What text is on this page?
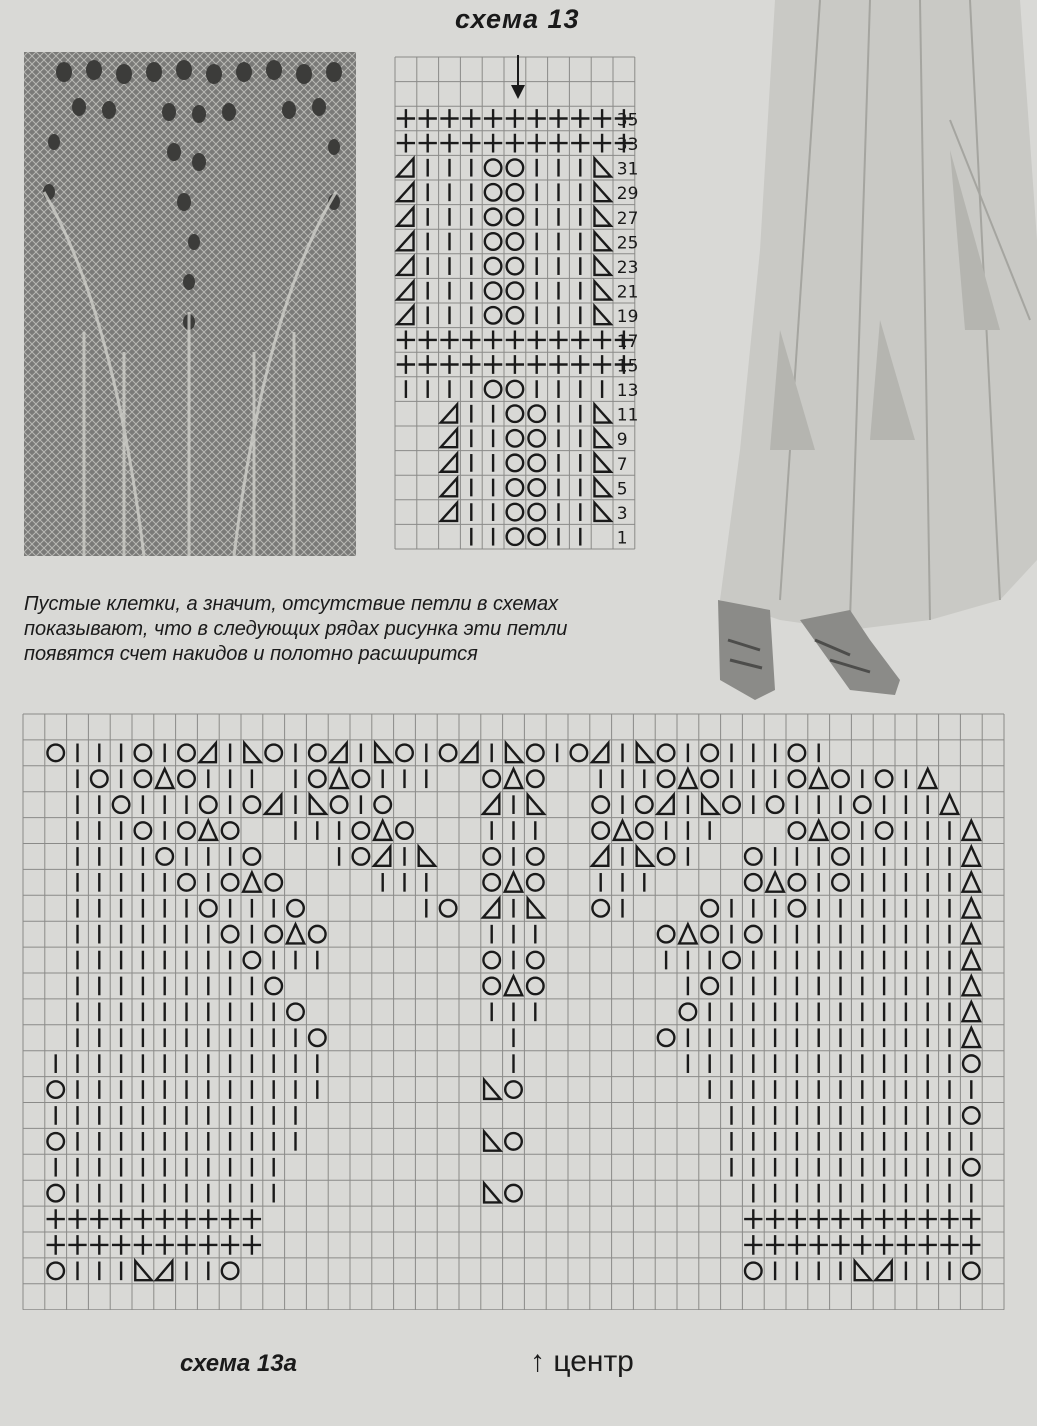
схема 13
35
33
31
29
27
25
23
21
19
17
15
13
11
9
7
5
3
1

Пустые клетки, а значит, отсутствие петли в схемах

показывают, что в следующих рядах рисунка эти петли

появятся счет накидов и полотно расширится

схема 13а	↑ центр
